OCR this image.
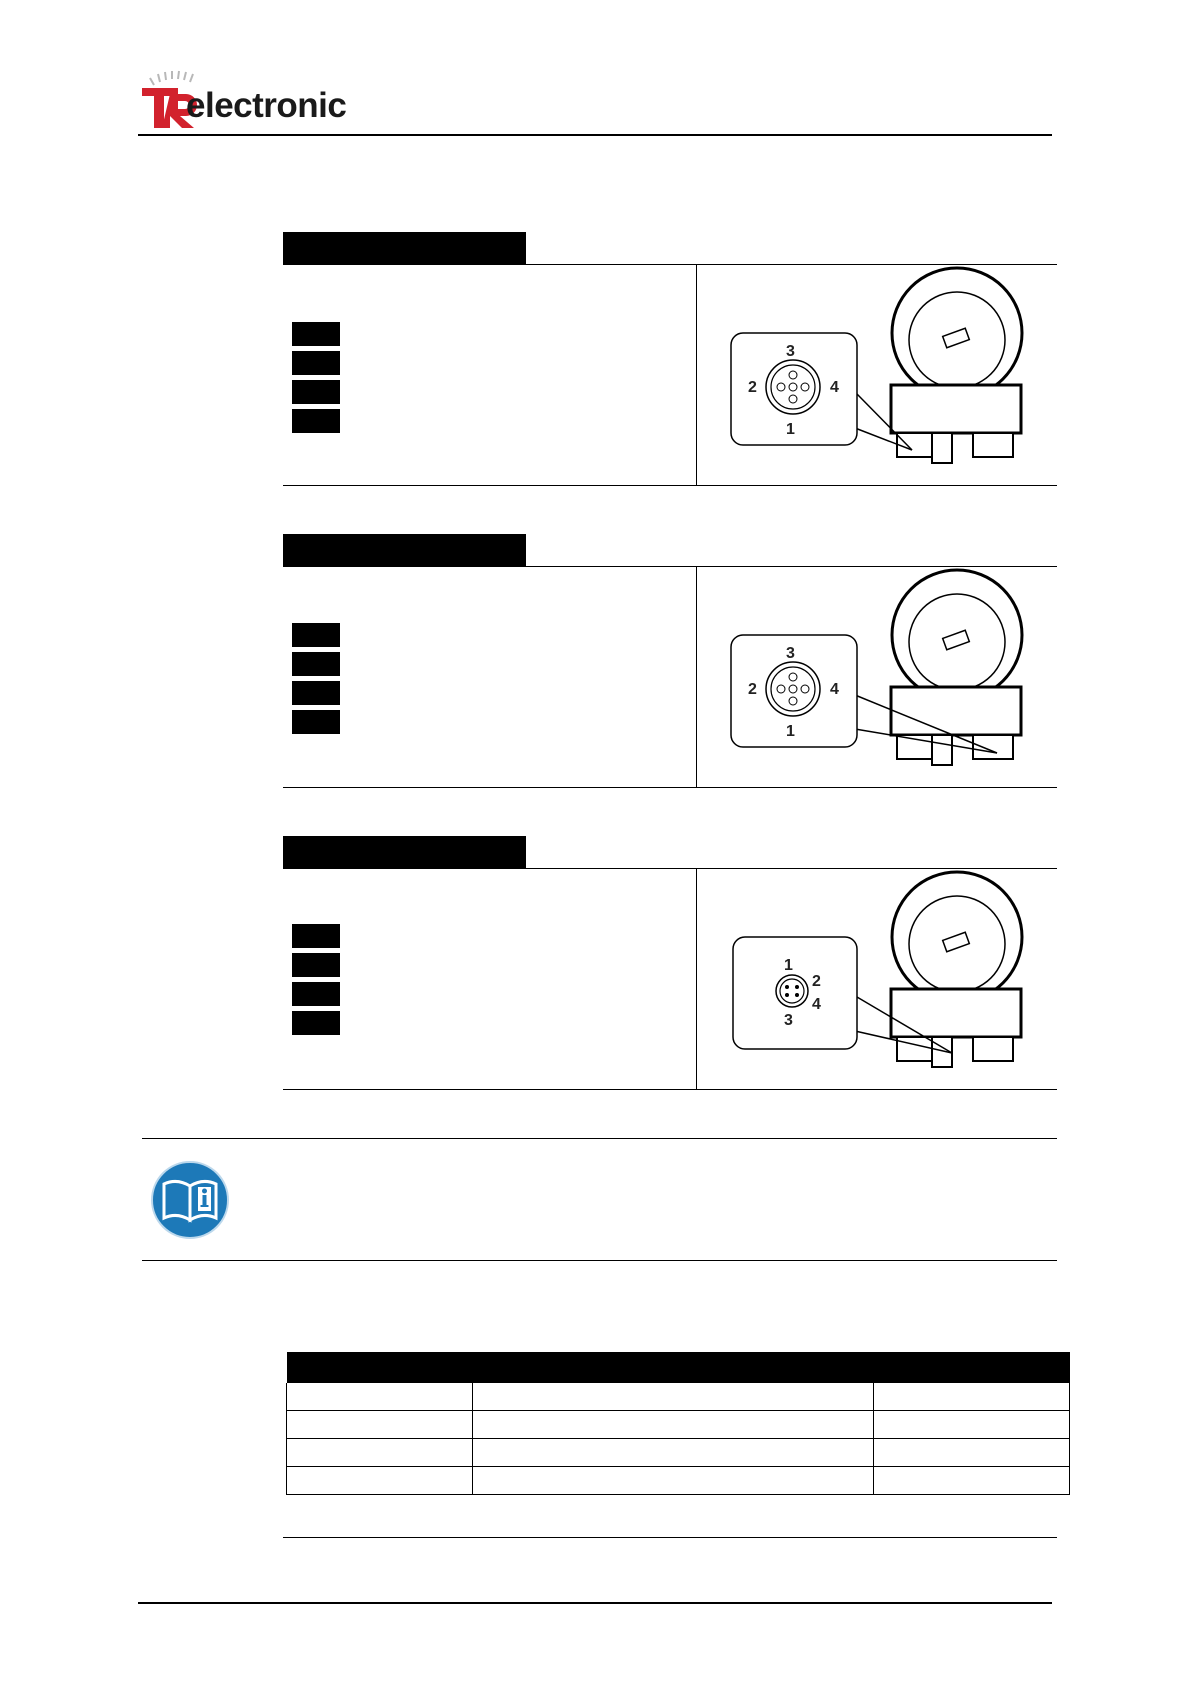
electronic
3
2	4
1
3
2	4
1
1
2
4
3
